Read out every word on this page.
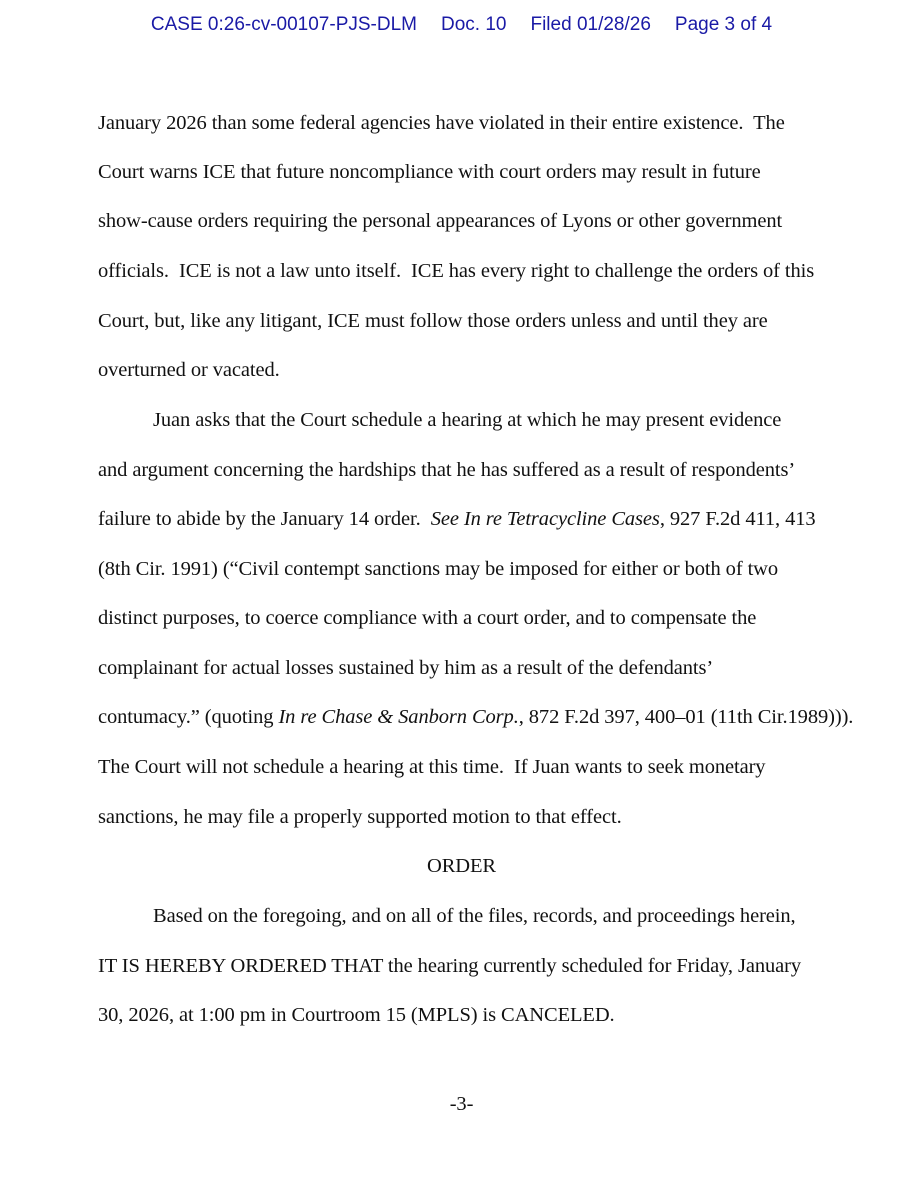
CASE 0:26-cv-00107-PJS-DLM Doc. 10 Filed 01/28/26 Page 3 of 4
January 2026 than some federal agencies have violated in their entire existence.  The
Court warns ICE that future noncompliance with court orders may result in future
show-cause orders requiring the personal appearances of Lyons or other government
officials.  ICE is not a law unto itself.  ICE has every right to challenge the orders of this
Court, but, like any litigant, ICE must follow those orders unless and until they are
overturned or vacated.
Juan asks that the Court schedule a hearing at which he may present evidence
and argument concerning the hardships that he has suffered as a result of respondents’
failure to abide by the January 14 order.  See In re Tetracycline Cases, 927 F.2d 411, 413
(8th Cir. 1991) (“Civil contempt sanctions may be imposed for either or both of two
distinct purposes, to coerce compliance with a court order, and to compensate the
complainant for actual losses sustained by him as a result of the defendants’
contumacy.” (quoting In re Chase & Sanborn Corp., 872 F.2d 397, 400–01 (11th Cir.1989))).
The Court will not schedule a hearing at this time.  If Juan wants to seek monetary
sanctions, he may file a properly supported motion to that effect.
ORDER
Based on the foregoing, and on all of the files, records, and proceedings herein,
IT IS HEREBY ORDERED THAT the hearing currently scheduled for Friday, January
30, 2026, at 1:00 pm in Courtroom 15 (MPLS) is CANCELED.
-3-
